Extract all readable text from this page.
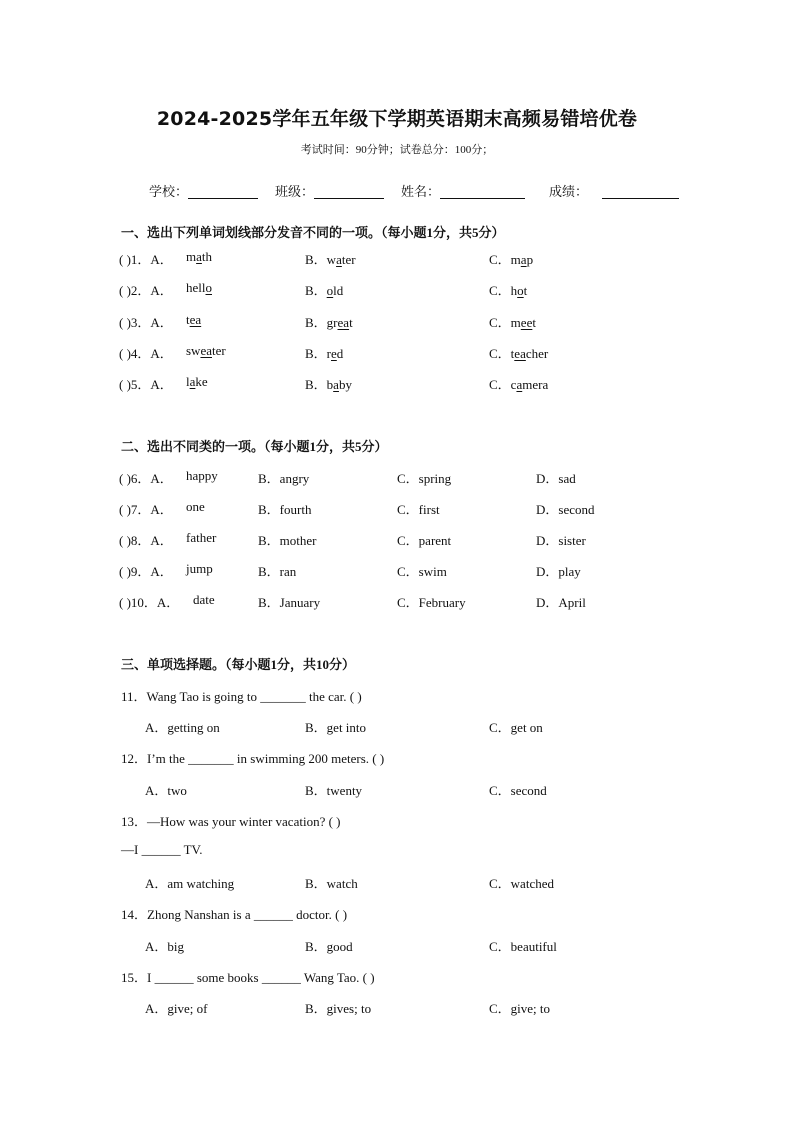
2024-2025学年五年级下学期英语期末高频易错培优卷
考试时间：90分钟；试卷总分：100分；
学校：	班级：	姓名：	成绩：
一、选出下列单词划线部分发音不同的一项。（每小题1分，共5分）
( )1．A． math	B．water	C．map
( )2．A． hello	B．old	C．hot
( )3．A． tea	B．great	C．meet
( )4．A． sweater	B．red	C．teacher
( )5．A． lake	B．baby	C．camera
二、选出不同类的一项。（每小题1分，共5分）
( )6．A． happy	B．angry	C．spring	D．sad
( )7．A． one	B．fourth	C．first	D．second
( )8．A． father	B．mother	C．parent	D．sister
( )9．A． jump	B．ran	C．swim	D．play
( )10．A． date	B．January	C．February	D．April
三、单项选择题。（每小题1分，共10分）
11．Wang Tao is going to _______ the car. ( )
A．getting on	B．get into	C．get on
12．I’m the _______ in swimming 200 meters. ( )
A．two	B．twenty	C．second
13．—How was your winter vacation? ( )
—I ______ TV.
A．am watching	B．watch	C．watched
14．Zhong Nanshan is a ______ doctor. ( )
A．big	B．good	C．beautiful
15．I ______ some books ______ Wang Tao. ( )
A．give; of	B．gives; to	C．give; to
